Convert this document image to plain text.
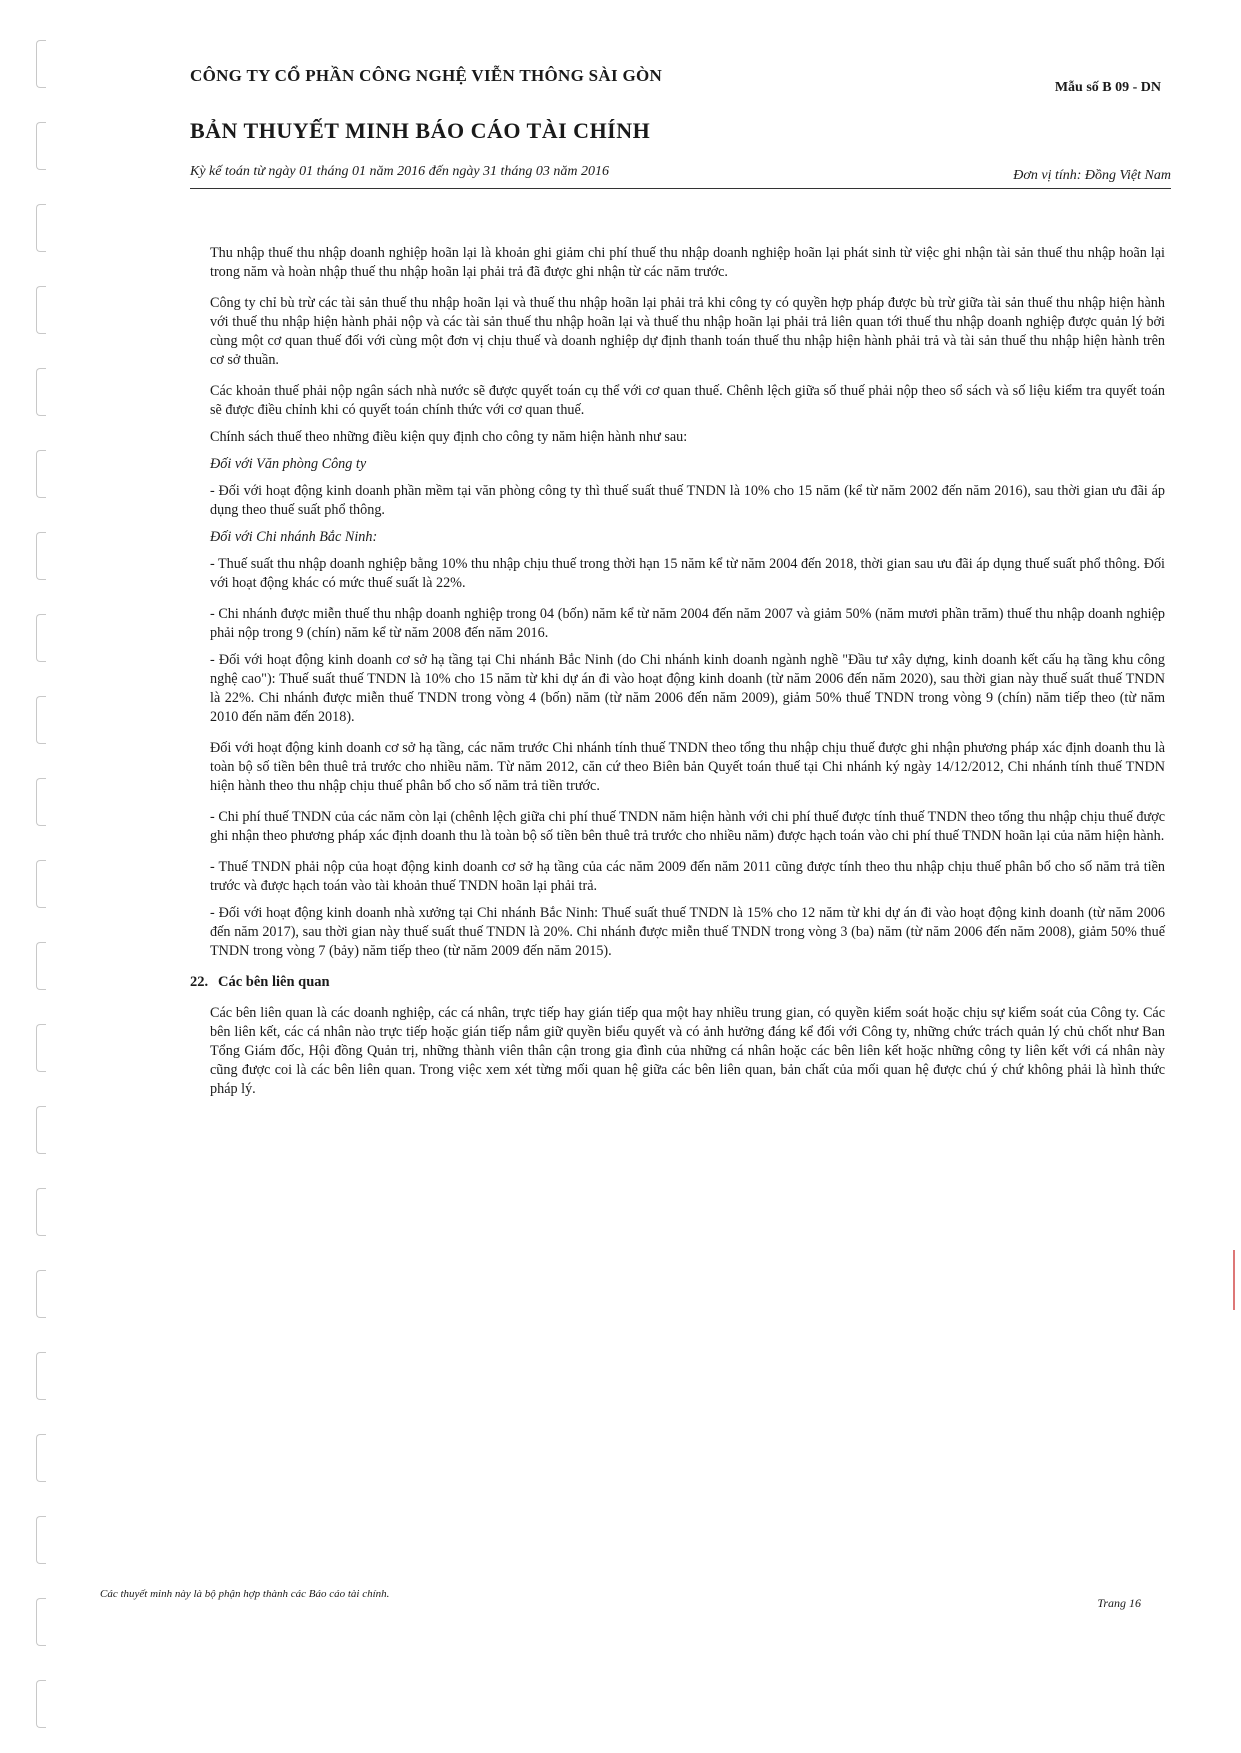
CÔNG TY CỔ PHẦN CÔNG NGHỆ VIỄN THÔNG SÀI GÒN
Mẫu số B 09 - DN
BẢN THUYẾT MINH BÁO CÁO TÀI CHÍNH
Kỳ kế toán từ ngày 01 tháng 01 năm 2016 đến ngày 31 tháng 03 năm 2016	Đơn vị tính: Đồng Việt Nam

Thu nhập thuế thu nhập doanh nghiệp hoãn lại là khoản ghi giảm chi phí thuế thu nhập doanh nghiệp hoãn lại phát sinh từ việc ghi nhận tài sản thuế thu nhập hoãn lại trong năm và hoàn nhập thuế thu nhập hoãn lại phải trả đã được ghi nhận từ các năm trước.

Công ty chỉ bù trừ các tài sản thuế thu nhập hoãn lại và thuế thu nhập hoãn lại phải trả khi công ty có quyền hợp pháp được bù trừ giữa tài sản thuế thu nhập hiện hành với thuế thu nhập hiện hành phải nộp và các tài sản thuế thu nhập hoãn lại và thuế thu nhập hoãn lại phải trả liên quan tới thuế thu nhập doanh nghiệp được quản lý bởi cùng một cơ quan thuế đối với cùng một đơn vị chịu thuế và doanh nghiệp dự định thanh toán thuế thu nhập hiện hành phải trả và tài sản thuế thu nhập hiện hành trên cơ sở thuần.

Các khoản thuế phải nộp ngân sách nhà nước sẽ được quyết toán cụ thể với cơ quan thuế. Chênh lệch giữa số thuế phải nộp theo sổ sách và số liệu kiểm tra quyết toán sẽ được điều chỉnh khi có quyết toán chính thức với cơ quan thuế.

Chính sách thuế theo những điều kiện quy định cho công ty năm hiện hành như sau:

Đối với Văn phòng Công ty

- Đối với hoạt động kinh doanh phần mềm tại văn phòng công ty thì thuế suất thuế TNDN là 10% cho 15 năm (kể từ năm 2002 đến năm 2016), sau thời gian ưu đãi áp dụng theo thuế suất phổ thông.

Đối với Chi nhánh Bắc Ninh:

- Thuế suất thu nhập doanh nghiệp bằng 10% thu nhập chịu thuế trong thời hạn 15 năm kể từ năm 2004 đến 2018, thời gian sau ưu đãi áp dụng thuế suất phổ thông. Đối với hoạt động khác có mức thuế suất là 22%.

- Chi nhánh được miễn thuế thu nhập doanh nghiệp trong 04 (bốn) năm kể từ năm 2004 đến năm 2007 và giảm 50% (năm mươi phần trăm) thuế thu nhập doanh nghiệp phải nộp trong 9 (chín) năm kể từ năm 2008 đến năm 2016.

- Đối với hoạt động kinh doanh cơ sở hạ tầng tại Chi nhánh Bắc Ninh (do Chi nhánh kinh doanh ngành nghề "Đầu tư xây dựng, kinh doanh kết cấu hạ tầng khu công nghệ cao"): Thuế suất thuế TNDN là 10% cho 15 năm từ khi dự án đi vào hoạt động kinh doanh (từ năm 2006 đến năm 2020), sau thời gian này thuế suất thuế TNDN là 22%. Chi nhánh được miễn thuế TNDN trong vòng 4 (bốn) năm (từ năm 2006 đến năm 2009), giảm 50% thuế TNDN trong vòng 9 (chín) năm tiếp theo (từ năm 2010 đến năm đến 2018).

Đối với hoạt động kinh doanh cơ sở hạ tầng, các năm trước Chi nhánh tính thuế TNDN theo tổng thu nhập chịu thuế được ghi nhận phương pháp xác định doanh thu là toàn bộ số tiền bên thuê trả trước cho nhiều năm. Từ năm 2012, căn cứ theo Biên bản Quyết toán thuế tại Chi nhánh ký ngày 14/12/2012, Chi nhánh tính thuế TNDN hiện hành theo thu nhập chịu thuế phân bổ cho số năm trả tiền trước.

- Chi phí thuế TNDN của các năm còn lại (chênh lệch giữa chi phí thuế TNDN năm hiện hành với chi phí thuế được tính thuế TNDN theo tổng thu nhập chịu thuế được ghi nhận theo phương pháp xác định doanh thu là toàn bộ số tiền bên thuê trả trước cho nhiều năm) được hạch toán vào chi phí thuế TNDN hoãn lại của năm hiện hành.

- Thuế TNDN phải nộp của hoạt động kinh doanh cơ sở hạ tầng của các năm 2009 đến năm 2011 cũng được tính theo thu nhập chịu thuế phân bổ cho số năm trả tiền trước và được hạch toán vào tài khoản thuế TNDN hoãn lại phải trả.

- Đối với hoạt động kinh doanh nhà xưởng tại Chi nhánh Bắc Ninh: Thuế suất thuế TNDN là 15% cho 12 năm từ khi dự án đi vào hoạt động kinh doanh (từ năm 2006 đến năm 2017), sau thời gian này thuế suất thuế TNDN là 20%. Chi nhánh được miễn thuế TNDN trong vòng 3 (ba) năm (từ năm 2006 đến năm 2008), giảm 50% thuế TNDN trong vòng 7 (bảy) năm tiếp theo (từ năm 2009 đến năm 2015).

22. Các bên liên quan

Các bên liên quan là các doanh nghiệp, các cá nhân, trực tiếp hay gián tiếp qua một hay nhiều trung gian, có quyền kiểm soát hoặc chịu sự kiểm soát của Công ty. Các bên liên kết, các cá nhân nào trực tiếp hoặc gián tiếp nắm giữ quyền biểu quyết và có ảnh hưởng đáng kể đối với Công ty, những chức trách quản lý chủ chốt như Ban Tổng Giám đốc, Hội đồng Quản trị, những thành viên thân cận trong gia đình của những cá nhân hoặc các bên liên kết hoặc những công ty liên kết với cá nhân này cũng được coi là các bên liên quan. Trong việc xem xét từng mối quan hệ giữa các bên liên quan, bản chất của mối quan hệ được chú ý chứ không phải là hình thức pháp lý.

Các thuyết minh này là bộ phận hợp thành các Báo cáo tài chính.
Trang 16
